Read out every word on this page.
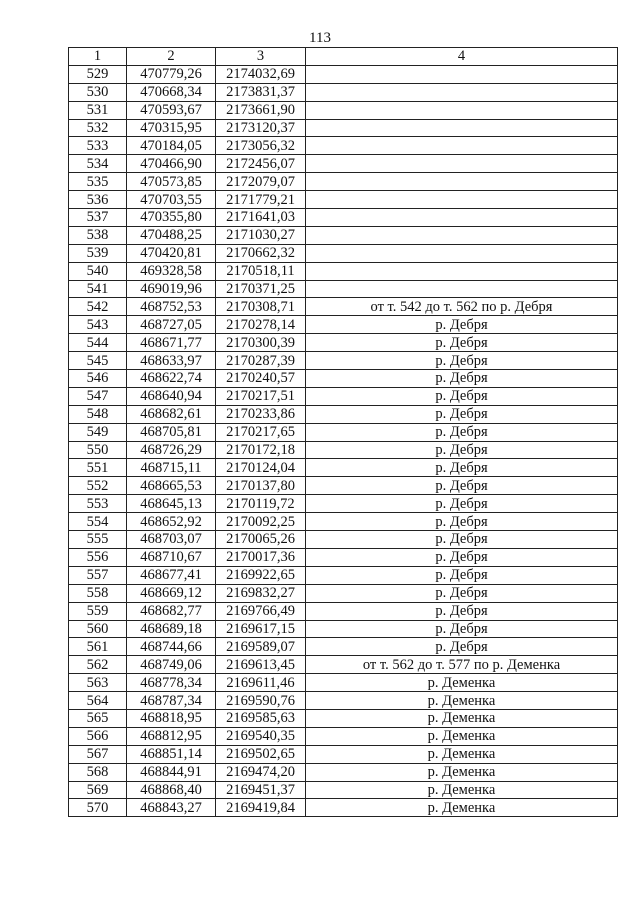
113
1	2	3	4
529	470779,26	2174032,69	
530	470668,34	2173831,37	
531	470593,67	2173661,90	
532	470315,95	2173120,37	
533	470184,05	2173056,32	
534	470466,90	2172456,07	
535	470573,85	2172079,07	
536	470703,55	2171779,21	
537	470355,80	2171641,03	
538	470488,25	2171030,27	
539	470420,81	2170662,32	
540	469328,58	2170518,11	
541	469019,96	2170371,25	
542	468752,53	2170308,71	от т. 542 до т. 562 по р. Дебря
543	468727,05	2170278,14	р. Дебря
544	468671,77	2170300,39	р. Дебря
545	468633,97	2170287,39	р. Дебря
546	468622,74	2170240,57	р. Дебря
547	468640,94	2170217,51	р. Дебря
548	468682,61	2170233,86	р. Дебря
549	468705,81	2170217,65	р. Дебря
550	468726,29	2170172,18	р. Дебря
551	468715,11	2170124,04	р. Дебря
552	468665,53	2170137,80	р. Дебря
553	468645,13	2170119,72	р. Дебря
554	468652,92	2170092,25	р. Дебря
555	468703,07	2170065,26	р. Дебря
556	468710,67	2170017,36	р. Дебря
557	468677,41	2169922,65	р. Дебря
558	468669,12	2169832,27	р. Дебря
559	468682,77	2169766,49	р. Дебря
560	468689,18	2169617,15	р. Дебря
561	468744,66	2169589,07	р. Дебря
562	468749,06	2169613,45	от т. 562 до т. 577 по р. Деменка
563	468778,34	2169611,46	р. Деменка
564	468787,34	2169590,76	р. Деменка
565	468818,95	2169585,63	р. Деменка
566	468812,95	2169540,35	р. Деменка
567	468851,14	2169502,65	р. Деменка
568	468844,91	2169474,20	р. Деменка
569	468868,40	2169451,37	р. Деменка
570	468843,27	2169419,84	р. Деменка
